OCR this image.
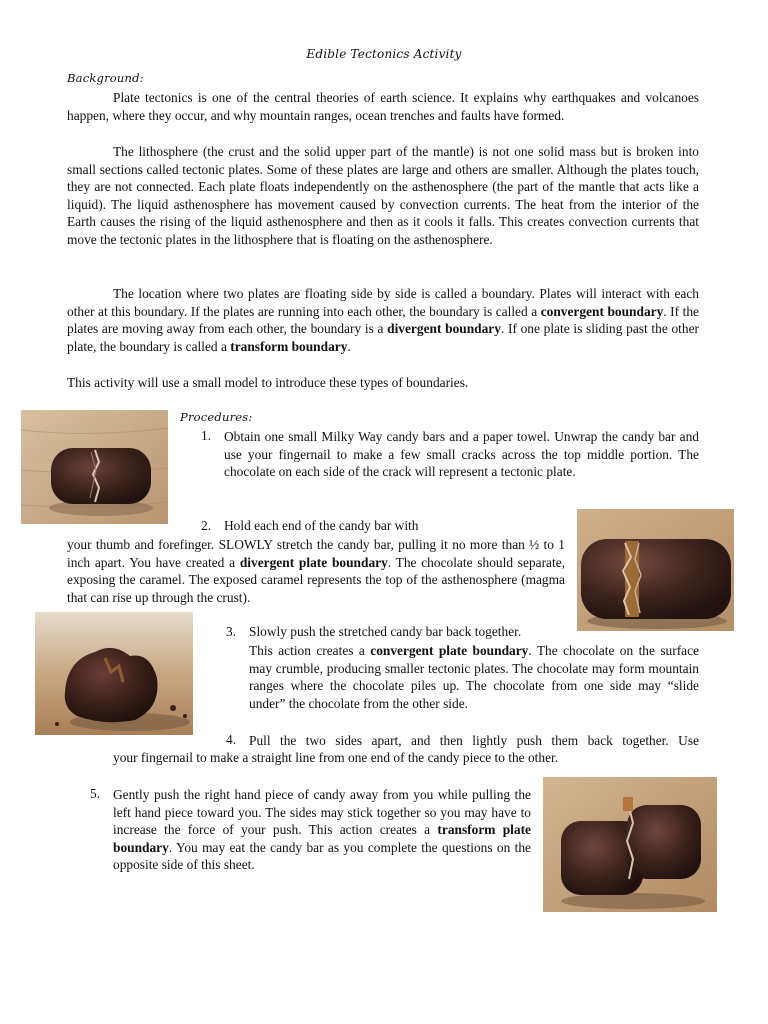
Edible Tectonics Activity
Background:

Plate tectonics is one of the central theories of earth science. It explains why earthquakes and volcanoes happen, where they occur, and why mountain ranges, ocean trenches and faults have formed.

The lithosphere (the crust and the solid upper part of the mantle) is not one solid mass but is broken into small sections called tectonic plates. Some of these plates are large and others are smaller. Although the plates touch, they are not connected. Each plate floats independently on the asthenosphere (the part of the mantle that acts like a liquid). The liquid asthenosphere has movement caused by convection currents. The heat from the interior of the Earth causes the rising of the liquid asthenosphere and then as it cools it falls. This creates convection currents that move the tectonic plates in the lithosphere that is floating on the asthenosphere.

The location where two plates are floating side by side is called a boundary. Plates will interact with each other at this boundary. If the plates are running into each other, the boundary is called a convergent boundary. If the plates are moving away from each other, the boundary is a divergent boundary. If one plate is sliding past the other plate, the boundary is called a transform boundary.

This activity will use a small model to introduce these types of boundaries.

Procedures:
1. Obtain one small Milky Way candy bars and a paper towel. Unwrap the candy bar and use your fingernail to make a few small cracks across the top middle portion. The chocolate on each side of the crack will represent a tectonic plate.

2. Hold each end of the candy bar with

your thumb and forefinger. SLOWLY stretch the candy bar, pulling it no more than ½ to 1 inch apart. You have created a divergent plate boundary. The chocolate should separate, exposing the caramel. The exposed caramel represents the top of the asthenosphere (magma that can rise up through the crust).

3. Slowly push the stretched candy bar back together.

This action creates a convergent plate boundary. The chocolate on the surface may crumble, producing smaller tectonic plates. The chocolate may form mountain ranges where the chocolate piles up. The chocolate from one side may “slide under” the chocolate from the other side.

4. Pull the two sides apart, and then lightly push them back together. Use
your fingernail to make a straight line from one end of the candy piece to the other.
5. Gently push the right hand piece of candy away from you while pulling the left hand piece toward you. The sides may stick together so you may have to increase the force of your push. This action creates a transform plate boundary. You may eat the candy bar as you complete the questions on the opposite side of this sheet.
